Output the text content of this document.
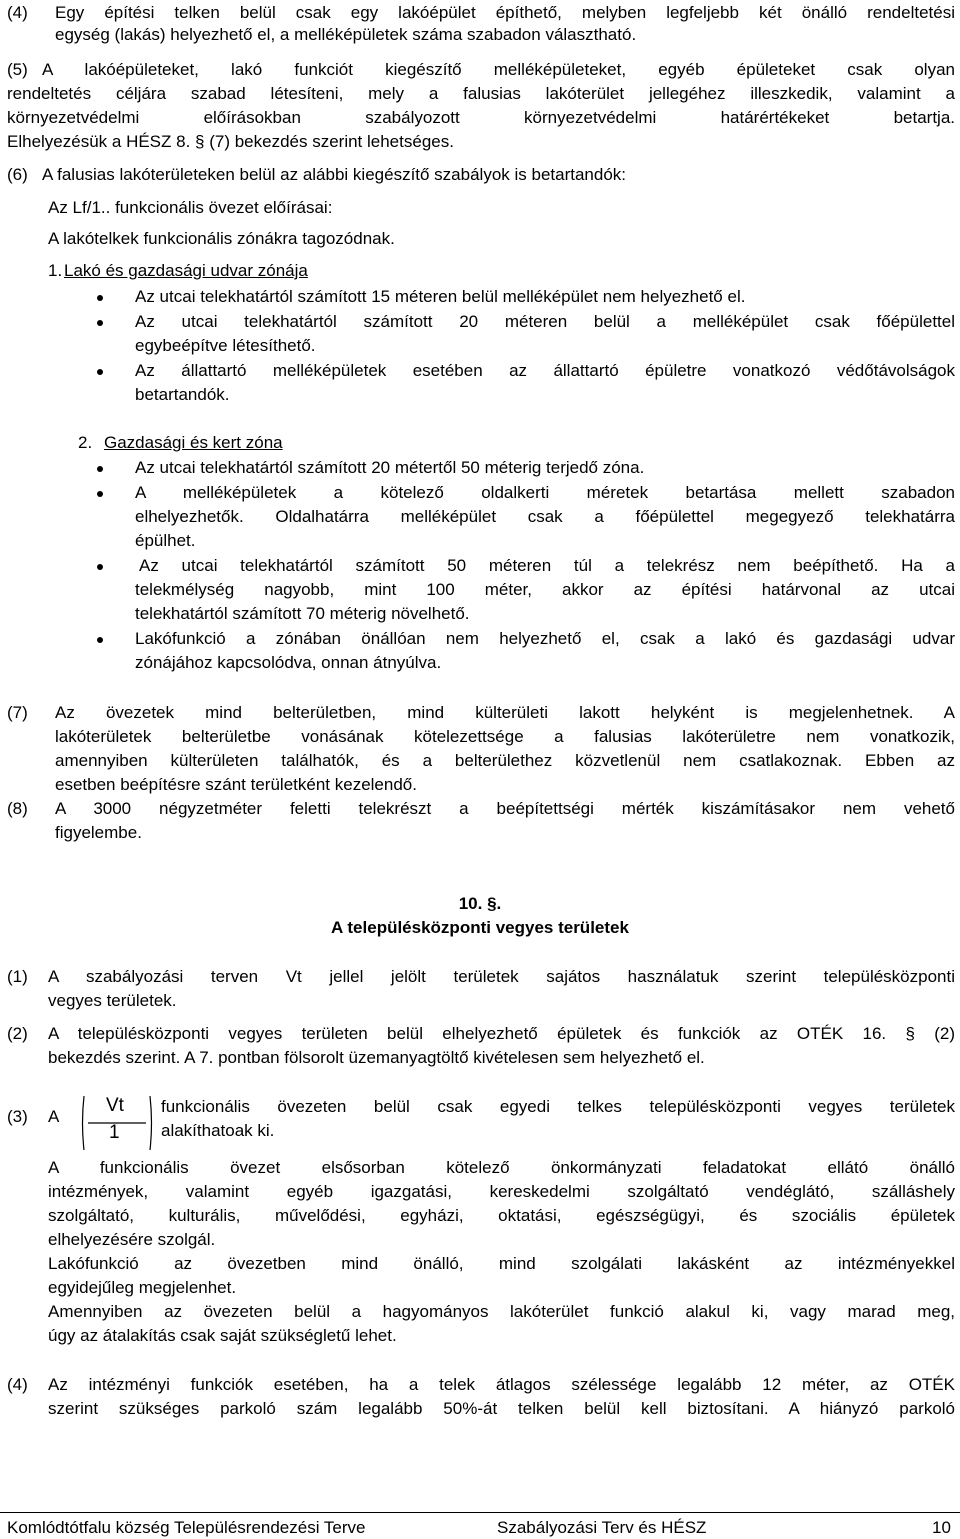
(4) Egy építési telken belül csak egy lakóépület építhető, melyben legfeljebb két önálló rendeltetési
egység (lakás) helyezhető el, a melléképületek száma szabadon választható.
(5) A lakóépületeket, lakó funkciót kiegészítő melléképületeket, egyéb épületeket csak olyan
rendeltetés céljára szabad létesíteni, mely a falusias lakóterület jellegéhez illeszkedik, valamint a
környezetvédelmi előírásokban szabályozott környezetvédelmi határértékeket betartja.
Elhelyezésük a HÉSZ 8. § (7) bekezdés szerint lehetséges.
(6) A falusias lakóterületeken belül az alábbi kiegészítő szabályok is betartandók:
Az Lf/1.. funkcionális övezet előírásai:
A lakótelkek funkcionális zónákra tagozódnak.
1. Lakó és gazdasági udvar zónája
Az utcai telekhatártól számított 15 méteren belül melléképület nem helyezhető el.
Az utcai telekhatártól számított 20 méteren belül a melléképület csak főépülettel
egybeépítve létesíthető.
Az állattartó melléképületek esetében az állattartó épületre vonatkozó védőtávolságok
betartandók.
2. Gazdasági és kert zóna
Az utcai telekhatártól számított 20 métertől 50 méterig terjedő zóna.
A melléképületek a kötelező oldalkerti méretek betartása mellett szabadon
elhelyezhetők. Oldalhatárra melléképület csak a főépülettel megegyező telekhatárra
épülhet.
Az utcai telekhatártól számított 50 méteren túl a telekrész nem beépíthető. Ha a
telekmélység nagyobb, mint 100 méter, akkor az építési határvonal az utcai
telekhatártól számított 70 méterig növelhető.
Lakófunkció a zónában önállóan nem helyezhető el, csak a lakó és gazdasági udvar
zónájához kapcsolódva, onnan átnyúlva.
(7) Az övezetek mind belterületben, mind külterületi lakott helyként is megjelenhetnek. A
lakóterületek belterületbe vonásának kötelezettsége a falusias lakóterületre nem vonatkozik,
amennyiben külterületen találhatók, és a belterülethez közvetlenül nem csatlakoznak. Ebben az
esetben beépítésre szánt területként kezelendő.
(8) A 3000 négyzetméter feletti telekrészt a beépítettségi mérték kiszámításakor nem vehető
figyelembe.
10. §.
A településközponti vegyes területek
(1) A szabályozási terven Vt jellel jelölt területek sajátos használatuk szerint településközponti
vegyes területek.
(2) A településközponti vegyes területen belül elhelyezhető épületek és funkciók az OTÉK 16. § (2)
bekezdés szerint. A 7. pontban fölsorolt üzemanyagtöltő kivételesen sem helyezhető el.
(3) A
Vt
1
funkcionális övezeten belül csak egyedi telkes településközponti vegyes területek
alakíthatoak ki.
A funkcionális övezet elsősorban kötelező önkormányzati feladatokat ellátó önálló
intézmények, valamint egyéb igazgatási, kereskedelmi szolgáltató vendéglátó, szálláshely
szolgáltató, kulturális, művelődési, egyházi, oktatási, egészségügyi, és szociális épületek
elhelyezésére szolgál.
Lakófunkció az övezetben mind önálló, mind szolgálati lakásként az intézményekkel
egyidejűleg megjelenhet.
Amennyiben az övezeten belül a hagyományos lakóterület funkció alakul ki, vagy marad meg,
úgy az átalakítás csak saját szükségletű lehet.
(4) Az intézményi funkciók esetében, ha a telek átlagos szélessége legalább 12 méter, az OTÉK
szerint szükséges parkoló szám legalább 50%-át telken belül kell biztosítani. A hiányzó parkoló
Komlódtótfalu község Településrendezési Terve	Szabályozási Terv és HÉSZ	10
